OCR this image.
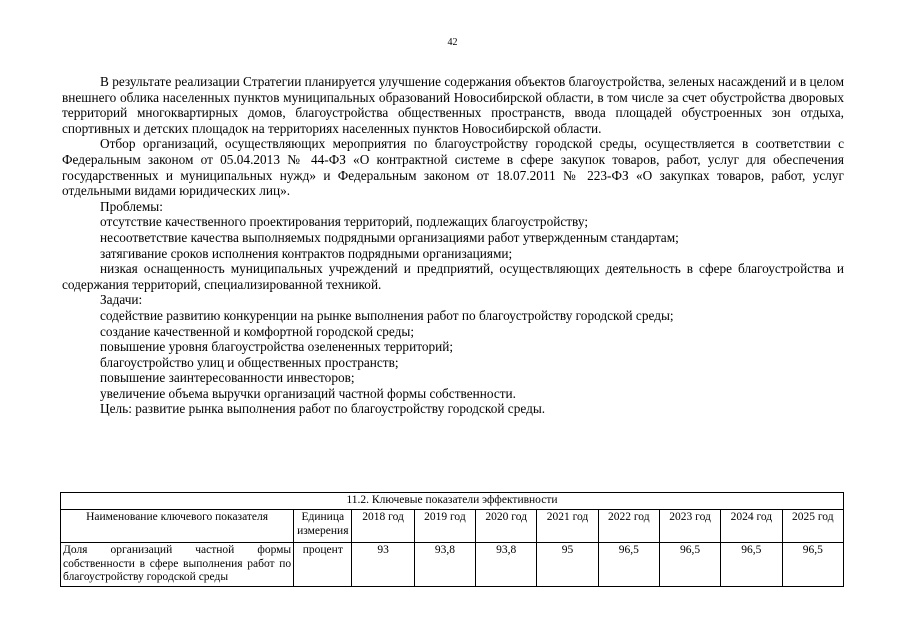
42

В результате реализации Стратегии планируется улучшение содержания объектов благоустройства, зеленых насаждений и в целом внешнего облика населенных пунктов муниципальных образований Новосибирской области, в том числе за счет обустройства дворовых территорий многоквартирных домов, благоустройства общественных пространств, ввода площадей обустроенных зон отдыха, спортивных и детских площадок на территориях населенных пунктов Новосибирской области.

Отбор организаций, осуществляющих мероприятия по благоустройству городской среды, осуществляется в соответствии с Федеральным законом от 05.04.2013 № 44-ФЗ «О контрактной системе в сфере закупок товаров, работ, услуг для обеспечения государственных и муниципальных нужд» и Федеральным законом от 18.07.2011 № 223-ФЗ «О закупках товаров, работ, услуг отдельными видами юридических лиц».

Проблемы:

отсутствие качественного проектирования территорий, подлежащих благоустройству;

несоответствие качества выполняемых подрядными организациями работ утвержденным стандартам;

затягивание сроков исполнения контрактов подрядными организациями;

низкая оснащенность муниципальных учреждений и предприятий, осуществляющих деятельность в сфере благоустройства и содержания территорий, специализированной техникой.

Задачи:

содействие развитию конкуренции на рынке выполнения работ по благоустройству городской среды;

создание качественной и комфортной городской среды;

повышение уровня благоустройства озелененных территорий;

благоустройство улиц и общественных пространств;

повышение заинтересованности инвесторов;

увеличение объема выручки организаций частной формы собственности.

Цель: развитие рынка выполнения работ по благоустройству городской среды.

11.2. Ключевые показатели эффективности									
Наименование ключевого показателя	Единица измерения	2018 год	2019 год	2020 год	2021 год	2022 год	2023 год	2024 год	2025 год
Доля организаций частной формы собственности в сфере выполнения работ по благоустройству городской среды	процент	93	93,8	93,8	95	96,5	96,5	96,5	96,5
